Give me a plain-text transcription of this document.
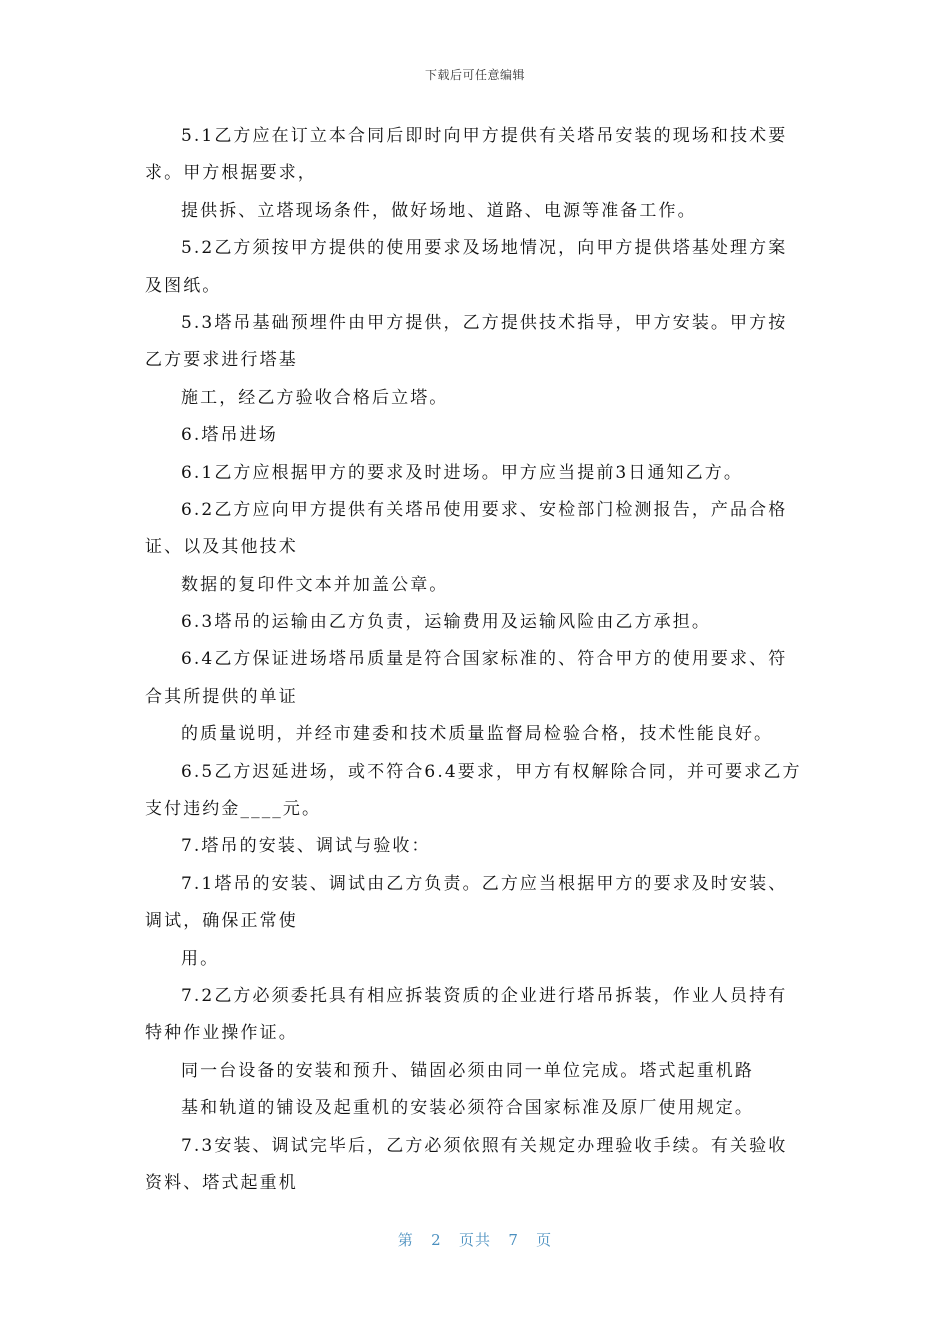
下载后可任意编辑
5.1乙方应在订立本合同后即时向甲方提供有关塔吊安装的现场和技术要
求。甲方根据要求，
提供拆、立塔现场条件，做好场地、道路、电源等准备工作。
5.2乙方须按甲方提供的使用要求及场地情况，向甲方提供塔基处理方案
及图纸。
5.3塔吊基础预埋件由甲方提供，乙方提供技术指导，甲方安装。甲方按
乙方要求进行塔基
施工，经乙方验收合格后立塔。
6.塔吊进场
6.1乙方应根据甲方的要求及时进场。甲方应当提前3日通知乙方。
6.2乙方应向甲方提供有关塔吊使用要求、安检部门检测报告，产品合格
证、以及其他技术
数据的复印件文本并加盖公章。
6.3塔吊的运输由乙方负责，运输费用及运输风险由乙方承担。
6.4乙方保证进场塔吊质量是符合国家标准的、符合甲方的使用要求、符
合其所提供的单证
的质量说明，并经市建委和技术质量监督局检验合格，技术性能良好。
6.5乙方迟延进场，或不符合6.4要求，甲方有权解除合同，并可要求乙方
支付违约金____元。
7.塔吊的安装、调试与验收：
7.1塔吊的安装、调试由乙方负责。乙方应当根据甲方的要求及时安装、
调试，确保正常使
用。
7.2乙方必须委托具有相应拆装资质的企业进行塔吊拆装，作业人员持有
特种作业操作证。
同一台设备的安装和预升、锚固必须由同一单位完成。塔式起重机路
基和轨道的铺设及起重机的安装必须符合国家标准及原厂使用规定。
7.3安装、调试完毕后，乙方必须依照有关规定办理验收手续。有关验收
资料、塔式起重机
第 2 页共 7 页
